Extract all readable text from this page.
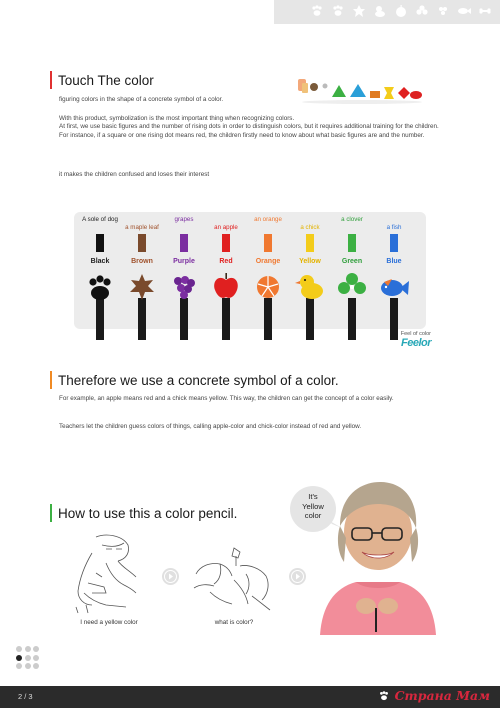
Touch The color
figuring colors in the shape of a concrete symbol of a color.
With this product, symbolization is the most important thing when recognizing colors.
At first, we use basic figures and the number of rising dots in order to distinguish colors, but it requires additional training for the children.
For instance, if a square or one rising dot means red, the children firstly need to know about what basic figures are and the number.
it makes the children confused and loses their interest
A sole of dog
Black
a maple leaf
Brown
grapes
Purple
an apple
Red
an orange
Orange
a chick
Yellow
a clover
Green
a fish
Blue
Feel of color
Feelor
Therefore we use a concrete symbol of a color.
For example, an apple means red and a chick means yellow. This way, the children can get the concept of a color easily.
Teachers let the children guess colors of things, calling apple-color and chick-color instead of red and yellow.
How to use this a color pencil.
I need a yellow color	what is color?
It's
Yellow
color
2 / 3	Страна Мам
